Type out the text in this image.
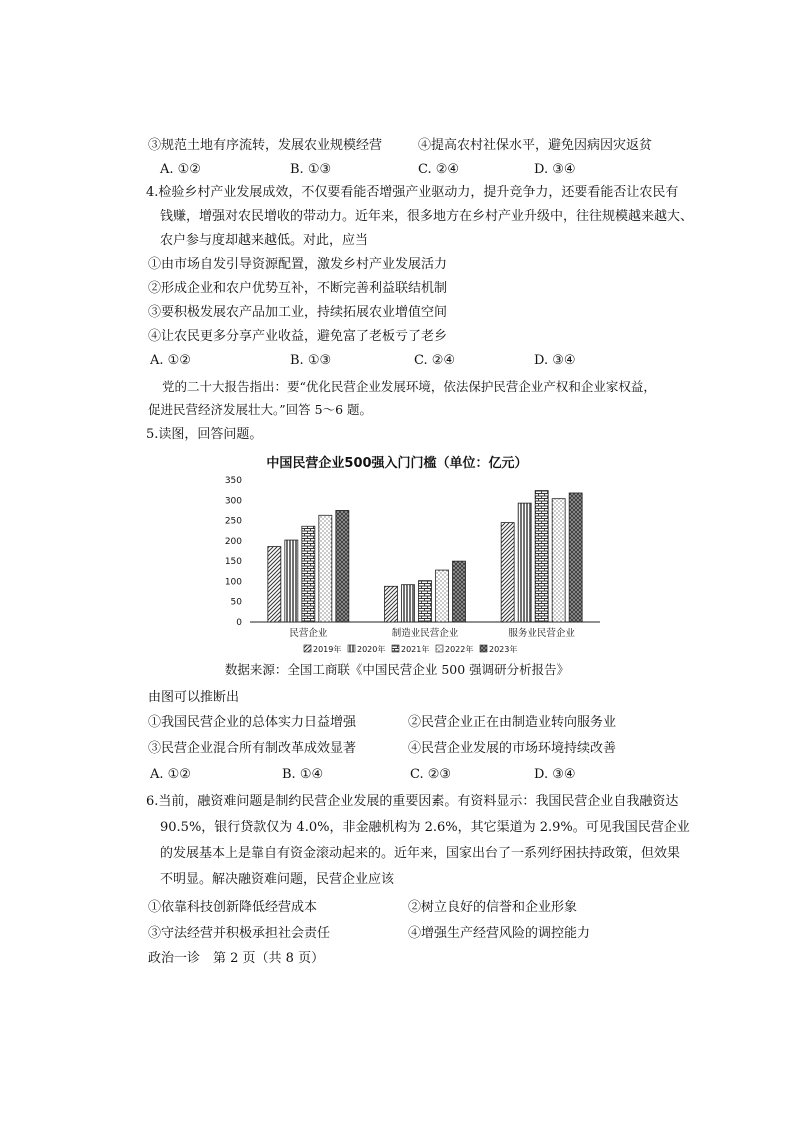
③规范土地有序流转，发展农业规模经营	④提高农村社保水平，避免因病因灾返贫
A. ①②	B. ①③	C. ②④	D. ③④
4.检验乡村产业发展成效，不仅要看能否增强产业驱动力，提升竞争力，还要看能否让农民有
钱赚，增强对农民增收的带动力。近年来，很多地方在乡村产业升级中，往往规模越来越大、
农户参与度却越来越低。对此，应当
①由市场自发引导资源配置，激发乡村产业发展活力
②形成企业和农户优势互补，不断完善利益联结机制
③要积极发展农产品加工业，持续拓展农业增值空间
④让农民更多分享产业收益，避免富了老板亏了老乡
A. ①②	B. ①③	C. ②④	D. ③④
党的二十大报告指出：要“优化民营企业发展环境，依法保护民营企业产权和企业家权益，
促进民营经济发展壮大。”回答 5～6 题。
5.读图，回答问题。
中国民营企业500强入门门槛（单位：亿元）
0
50
100
150
200
250
300
350
民营企业	制造业民营企业	服务业民营企业
2019年 2020年 2021年 2022年 2023年
数据来源：全国工商联《中国民营企业 500 强调研分析报告》
由图可以推断出
①我国民营企业的总体实力日益增强	②民营企业正在由制造业转向服务业
③民营企业混合所有制改革成效显著	④民营企业发展的市场环境持续改善
A. ①②	B. ①④	C. ②③	D. ③④
6.当前，融资难问题是制约民营企业发展的重要因素。有资料显示：我国民营企业自我融资达
90.5%，银行贷款仅为 4.0%，非金融机构为 2.6%，其它渠道为 2.9%。可见我国民营企业
的发展基本上是靠自有资金滚动起来的。近年来，国家出台了一系列纾困扶持政策，但效果
不明显。解决融资难问题，民营企业应该
①依靠科技创新降低经营成本	②树立良好的信誉和企业形象
③守法经营并积极承担社会责任	④增强生产经营风险的调控能力
政治一诊　第 2 页（共 8 页）
